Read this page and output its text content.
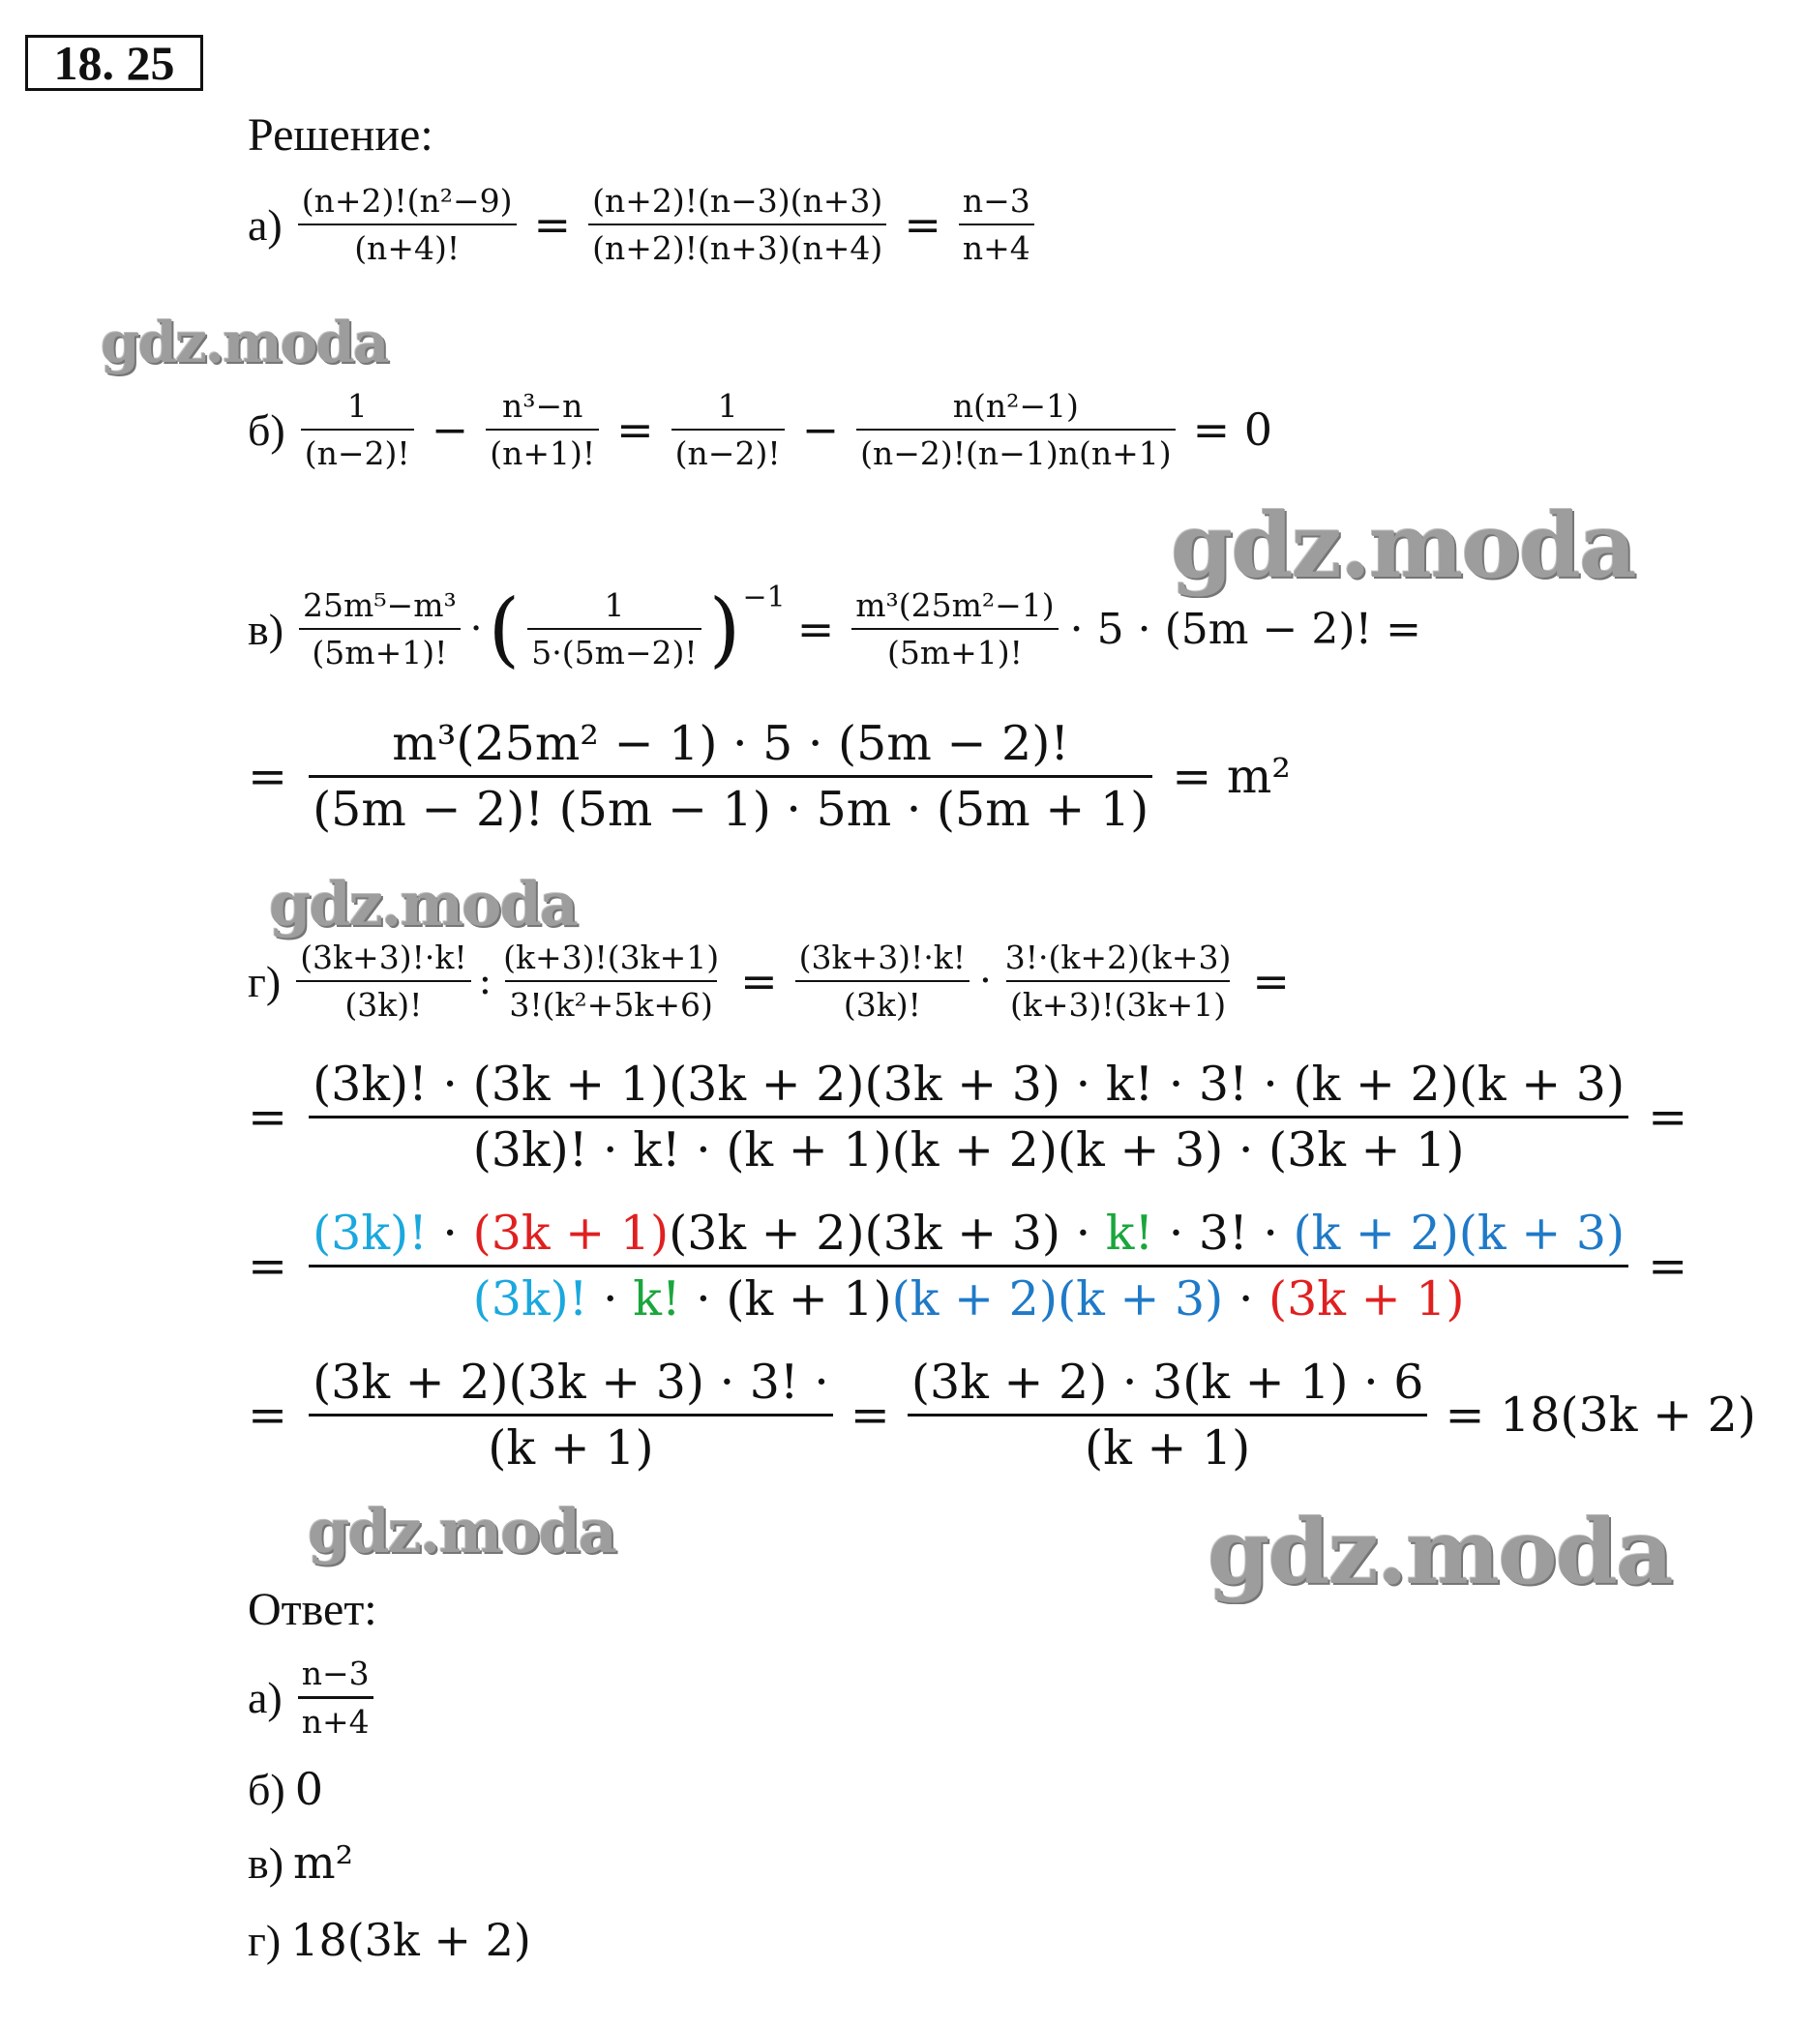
18. 25
Решение:
$а) \frac{\text{(n+2)!(n²−9)}}{(n+4)!} = \frac{(n+2)!(n-3)(n+3)}{(n+2)!(n+3)(n+4)} = \frac{n-3}{n+4}$
gdz.moda
$б) \frac{1}{(n-2)!} - \frac{\text{n³−n}}{(n+1)!} = \frac{1}{(n-2)!} - \frac{\text{n(n²−1)}}{(n-2)!(n-1)n(n+1)} = 0$
gdz.moda
$в) \frac{\text{25m⁵−m³}}{(5m+1)!}$ · ( $\frac{1}{5\cdot(5m-2)!}$ ) −1
= $\frac{\text{m³(25m²−1)}}{(5m+1)!} \cdot 5 \cdot (5m - 2)$! =
= $\frac{\text{m³(25m² − 1) · 5 · (5m − 2)!}}{(5m - 2)! (5m - 1) \cdot 5m \cdot (5m + 1)} = m^2$
gdz.moda
$г) \frac{(3k+3)!\cdot k!}{(3k)!}$ : $\frac{(k+3)!(3k+1)}{\text{3!(k²+5k+6)}} = \frac{(3k+3)!\cdot k!}{(3k)!} \cdot \frac{3!\cdot(k+2)(k+3)}{(k+3)!(3k+1)}$ =
= $\frac{(3k)! \cdot (3k + 1)(3k + 2)(3k + 3) \cdot k! \cdot 3! \cdot (k + 2)(k + 3)}{(3k)! \cdot k! \cdot (k + 1)(k + 2)(k + 3) \cdot (3k + 1)}$ =
= $\frac{(3k)! \cdot (3k + 1)(3k + 2)(3k + 3) \cdot k! \cdot 3! \cdot (k + 2)(k + 3)}{(3k)! \cdot k! \cdot (k + 1)(k + 2)(k + 3) \cdot (3k + 1)}$ =
= $\frac{(3k + 2)(3k + 3) \cdot 3! \cdot}{(k + 1)} = \frac{(3k + 2) \cdot 3(k + 1) \cdot 6}{(k + 1)} = 18(3k + 2)$
gdz.moda	gdz.moda
Ответ:
$а) \frac{n-3}{n+4}$
б) 0
в) m²
г) 18(3k + 2)
